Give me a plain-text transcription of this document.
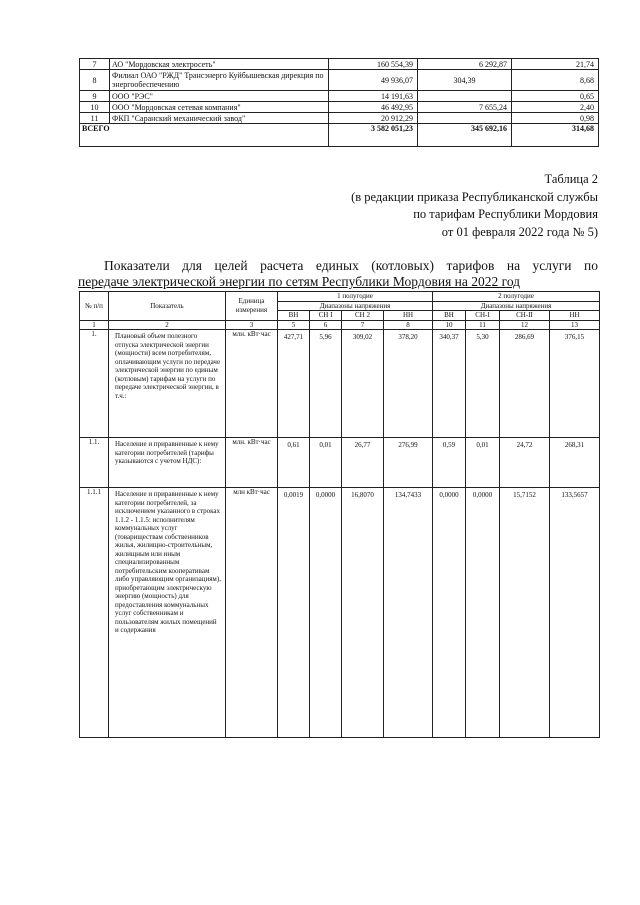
7	АО "Мордовская электросеть"	160 554,39	6 292,87	21,74
8	Филиал ОАО "РЖД" Трансэнерго Куйбышевская дирекция по энергообеспечению	49 936,07	304,39	8,68
9	ООО "РЭС"	14 191,63		0,65
10	ООО "Мордовская сетевая компания"	46 492,95	7 655,24	2,40
11	ФКП "Саранский механический завод"	20 912,29		0,98
ВСЕГО		3 582 051,23	345 692,16	314,68
Таблица 2
(в редакции приказа Республиканской службы
по тарифам Республики Мордовия
от 01 февраля 2022 года № 5)
Показатели для целей расчета единых (котловых) тарифов на услуги по
передаче электрической энергии по сетям Республики Мордовия на 2022 год
№ п/п	Показатель	Единица измерения	1 полугодие				2 полугодие			
			Диапазоны напряжения				Диапазоны напряжения			
			ВН	СН I	СН 2	НН	ВН	СН-I	СН-II	НН
1	2	3	5	6	7	8	10	11	12	13
1.	Плановый объем полезного отпуска электрической энергии (мощности) всем потребителям, оплачивающим услуги по передаче электрической энергии по единым (котловым) тарифам на услуги по передаче электрической энергии, в т.ч.:	млн. кВт·час	427,71	5,96	309,02	378,20	340,37	5,30	286,69	376,15
1.1.	Население и приравненные к нему категории потребителей (тарифы указываются с учетом НДС):	млн. кВт·час	0,61	0,01	26,77	276,99	0,59	0,01	24,72	268,31
1.1.1	Население и приравненные к нему категории потребителей, за исключением указанного в строках 1.1.2 - 1.1.5: исполнителям коммунальных услуг (товариществам собственников жилья, жилищно-строительным, жилищным или иным специализированным потребительским кооперативам либо управляющим организациям), приобретающим электрическую энергию (мощность) для предоставления коммунальных услуг собственникам и пользователям жилых помещений и содержания	млн кВт·час	0,0019	0,0000	16,8070	134,7433	0,0000	0,0000	15,7152	133,5657
